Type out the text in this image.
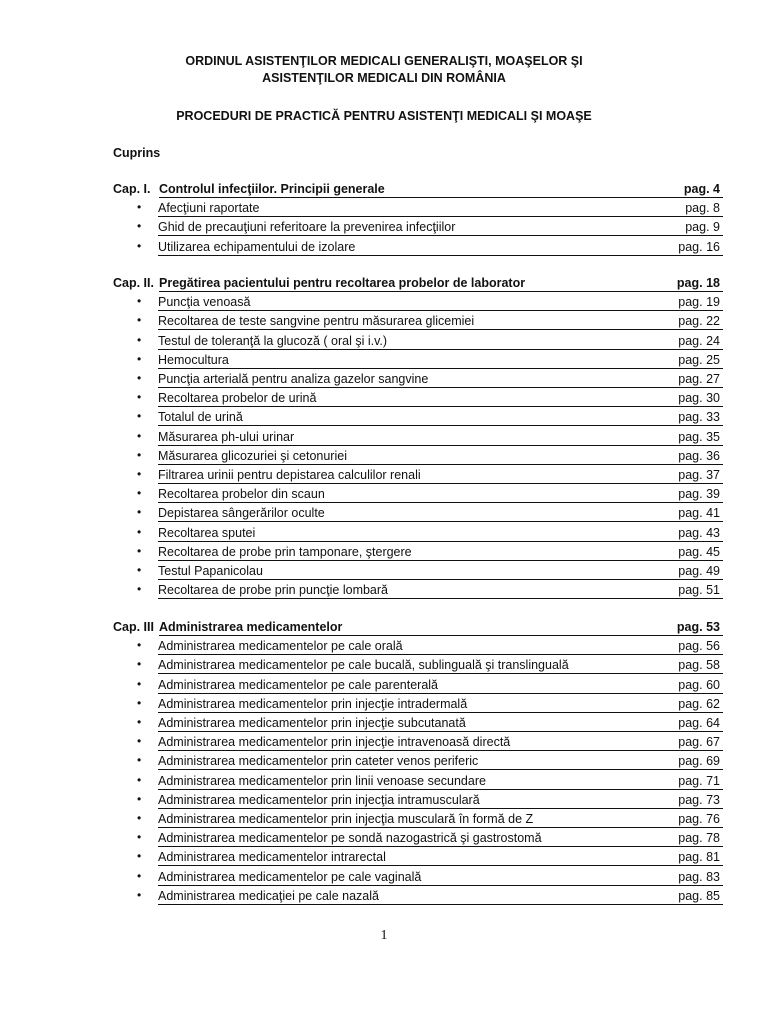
ORDINUL ASISTENŢILOR MEDICALI GENERALIŞTI, MOAŞELOR ŞI
ASISTENŢILOR MEDICALI DIN ROMÂNIA
PROCEDURI DE PRACTICĂ PENTRU ASISTENŢI MEDICALI ŞI MOAŞE
Cuprins
Cap. I. Controlul infecţiilor. Principii generale	pag. 4
• Afecţiuni raportate	pag. 8
• Ghid de precauţiuni referitoare la prevenirea infecţiilor	pag. 9
• Utilizarea echipamentului de izolare	pag. 16
Cap. II. Pregătirea pacientului pentru recoltarea probelor de laborator	pag. 18
• Puncţia venoasă	pag. 19
• Recoltarea de teste sangvine pentru măsurarea glicemiei	pag. 22
• Testul de toleranţă la glucoză ( oral şi i.v.)	pag. 24
• Hemocultura	pag. 25
• Puncţia arterială pentru analiza gazelor sangvine	pag. 27
• Recoltarea probelor de urină	pag. 30
• Totalul de urină	pag. 33
• Măsurarea ph-ului urinar	pag. 35
• Măsurarea glicozuriei şi cetonuriei	pag. 36
• Filtrarea urinii pentru depistarea calculilor renali	pag. 37
• Recoltarea probelor din scaun	pag. 39
• Depistarea sângerărilor oculte	pag. 41
• Recoltarea sputei	pag. 43
• Recoltarea de probe prin tamponare, ştergere	pag. 45
• Testul Papanicolau	pag. 49
• Recoltarea de probe prin puncţie lombară	pag. 51
Cap. III Administrarea medicamentelor	pag. 53
• Administrarea medicamentelor pe cale orală	pag. 56
• Administrarea medicamentelor pe cale bucală, sublinguală şi translinguală	pag. 58
• Administrarea medicamentelor pe cale parenterală	pag. 60
• Administrarea medicamentelor prin injecţie intradermală	pag. 62
• Administrarea medicamentelor prin injecţie subcutanată	pag. 64
• Administrarea medicamentelor prin injecţie intravenoasă directă	pag. 67
• Administrarea medicamentelor prin cateter venos periferic	pag. 69
• Administrarea medicamentelor prin linii venoase secundare	pag. 71
• Administrarea medicamentelor prin injecţia intramusculară	pag. 73
• Administrarea medicamentelor prin injecţia musculară în formă de Z	pag. 76
• Administrarea medicamentelor pe sondă nazogastrică şi gastrostomă	pag. 78
• Administrarea medicamentelor intrarectal	pag. 81
• Administrarea medicamentelor pe cale vaginală	pag. 83
• Administrarea medicaţiei pe cale nazală	pag. 85
1
